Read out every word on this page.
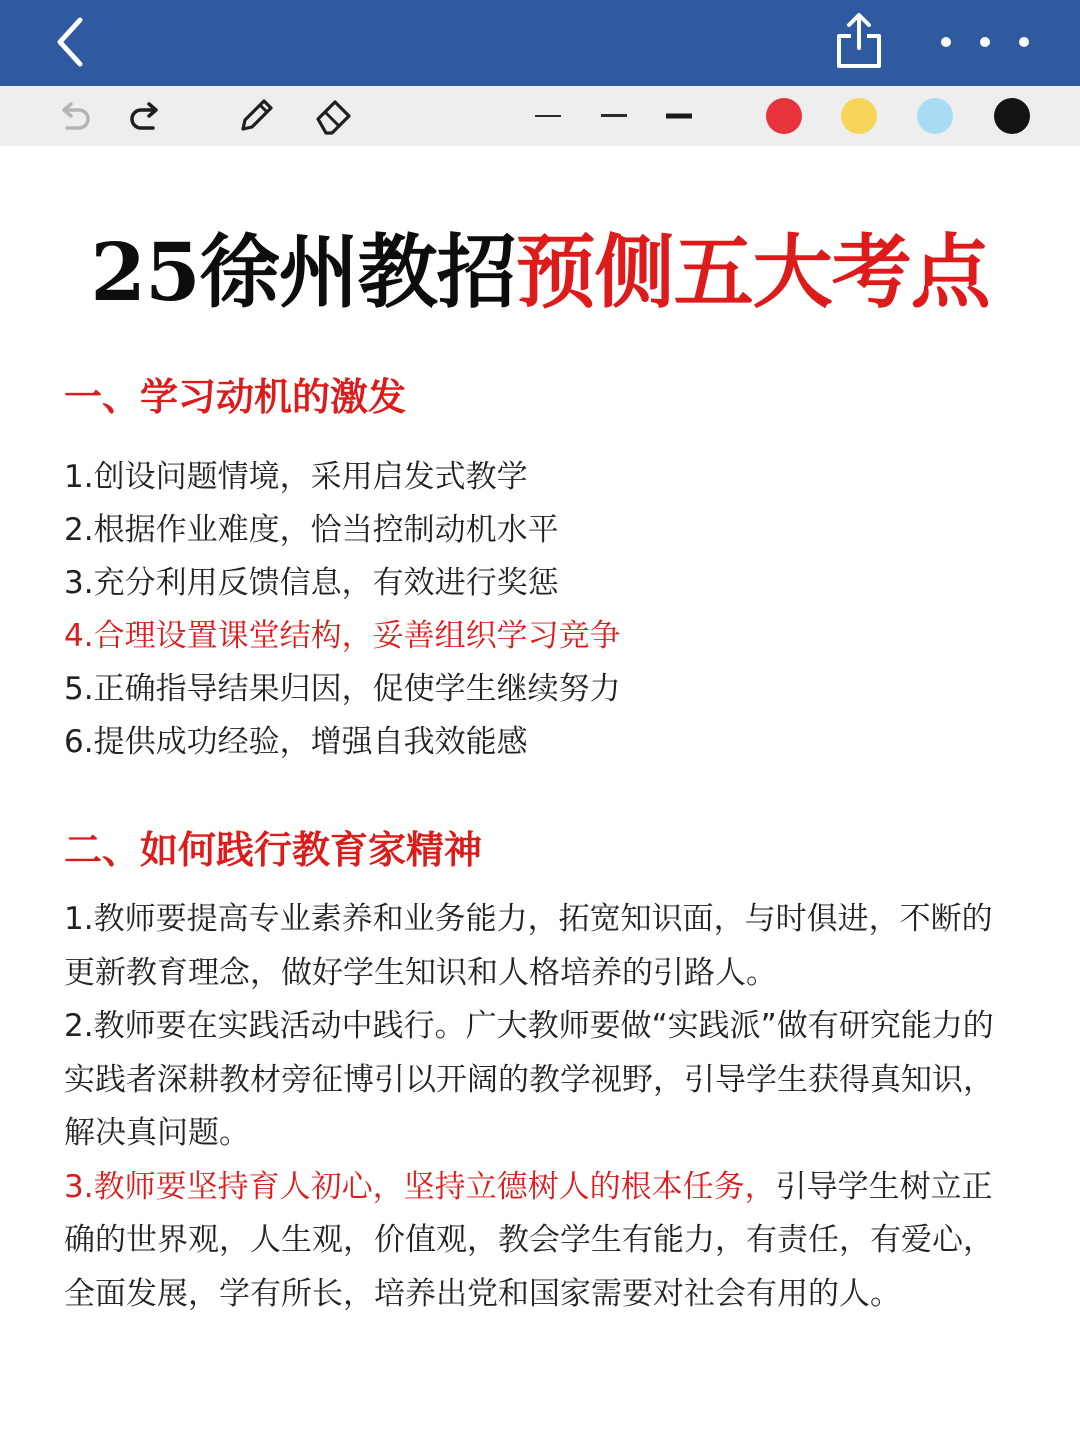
25徐州教招预侧五大考点
一、学习动机的激发
1.创设问题情境，采用启发式教学
2.根据作业难度，恰当控制动机水平
3.充分利用反馈信息，有效进行奖惩
4.合理设置课堂结构，妥善组织学习竞争
5.正确指导结果归因，促使学生继续努力
6.提供成功经验，增强自我效能感
二、如何践行教育家精神
1.教师要提高专业素养和业务能力，拓宽知识面，与时俱进，不断的更新教育理念，做好学生知识和人格培养的引路人。
2.教师要在实践活动中践行。广大教师要做“实践派”做有研究能力的实践者深耕教材旁征博引以开阔的教学视野，引导学生获得真知识，解决真问题。
3.教师要坚持育人初心，坚持立德树人的根本任务，引导学生树立正确的世界观，人生观，价值观，教会学生有能力，有责任，有爱心，全面发展，学有所长，培养出党和国家需要对社会有用的人。
